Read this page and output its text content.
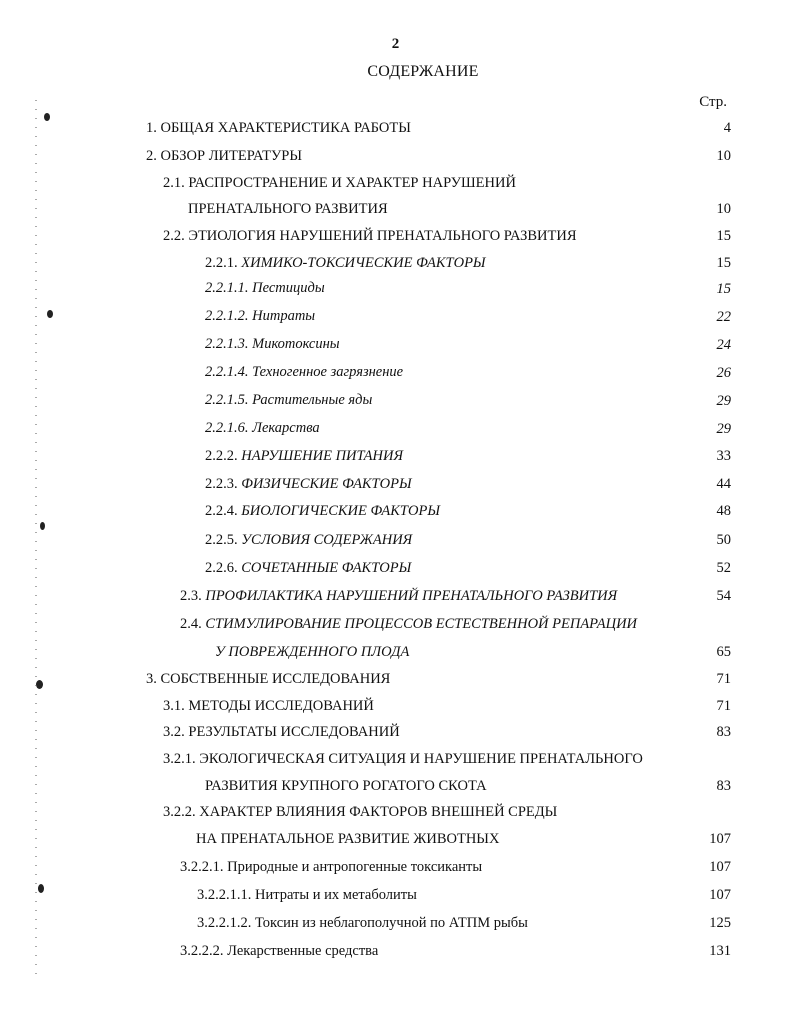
2
СОДЕРЖАНИЕ
Стр.
1. ОБЩАЯ ХАРАКТЕРИСТИКА РАБОТЫ	4
2. ОБЗОР ЛИТЕРАТУРЫ	10
2.1. РАСПРОСТРАНЕНИЕ И ХАРАКТЕР НАРУШЕНИЙ
ПРЕНАТАЛЬНОГО РАЗВИТИЯ	10
2.2. ЭТИОЛОГИЯ НАРУШЕНИЙ ПРЕНАТАЛЬНОГО РАЗВИТИЯ	15
2.2.1. ХИМИКО-ТОКСИЧЕСКИЕ ФАКТОРЫ	15
2.2.1.1. Пестициды	15
2.2.1.2. Нитраты	22
2.2.1.3. Микотоксины	24
2.2.1.4. Техногенное загрязнение	26
2.2.1.5. Растительные яды	29
2.2.1.6. Лекарства	29
2.2.2. НАРУШЕНИЕ ПИТАНИЯ	33
2.2.3. ФИЗИЧЕСКИЕ ФАКТОРЫ	44
2.2.4. БИОЛОГИЧЕСКИЕ ФАКТОРЫ	48
2.2.5. УСЛОВИЯ СОДЕРЖАНИЯ	50
2.2.6. СОЧЕТАННЫЕ ФАКТОРЫ	52
2.3. ПРОФИЛАКТИКА НАРУШЕНИЙ ПРЕНАТАЛЬНОГО РАЗВИТИЯ	54
2.4. СТИМУЛИРОВАНИЕ ПРОЦЕССОВ ЕСТЕСТВЕННОЙ РЕПАРАЦИИ
У ПОВРЕЖДЕННОГО ПЛОДА	65
3. СОБСТВЕННЫЕ ИССЛЕДОВАНИЯ	71
3.1. МЕТОДЫ ИССЛЕДОВАНИЙ	71
3.2. РЕЗУЛЬТАТЫ ИССЛЕДОВАНИЙ	83
3.2.1. ЭКОЛОГИЧЕСКАЯ СИТУАЦИЯ И НАРУШЕНИЕ ПРЕНАТАЛЬНОГО
РАЗВИТИЯ КРУПНОГО РОГАТОГО СКОТА	83
3.2.2. ХАРАКТЕР ВЛИЯНИЯ ФАКТОРОВ ВНЕШНЕЙ СРЕДЫ
НА ПРЕНАТАЛЬНОЕ РАЗВИТИЕ ЖИВОТНЫХ	107
3.2.2.1. Природные и антропогенные токсиканты	107
3.2.2.1.1. Нитраты и их метаболиты	107
3.2.2.1.2. Токсин из неблагополучной по АТПМ рыбы	125
3.2.2.2. Лекарственные средства	131
